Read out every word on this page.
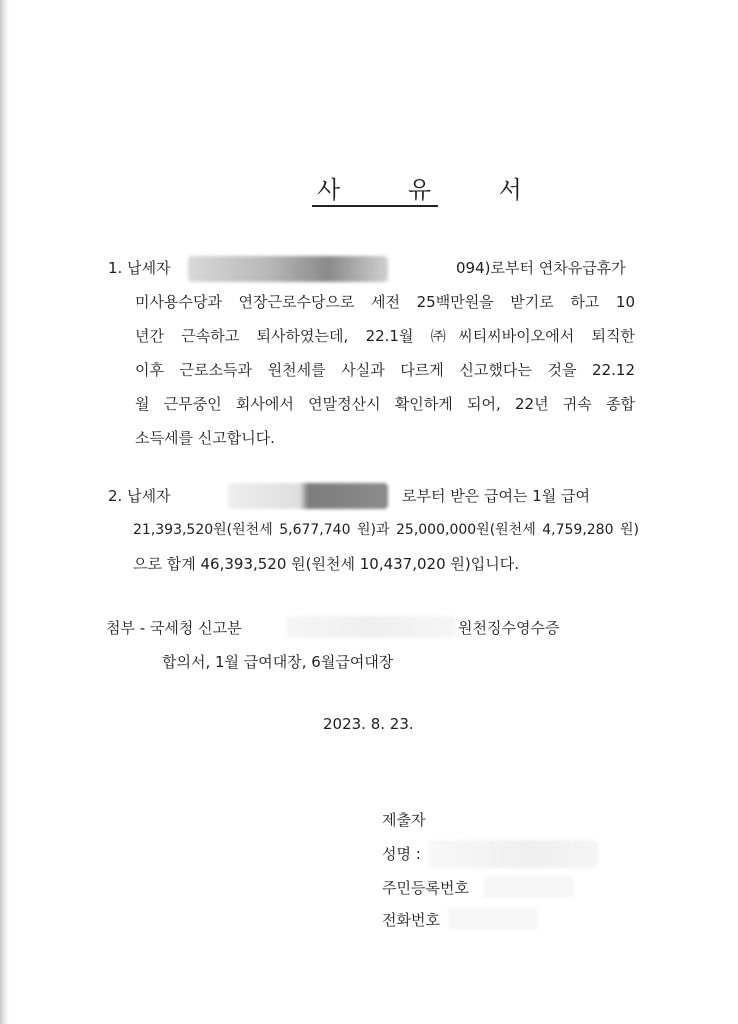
사 유 서
1. 납세자	094)로부터 연차유급휴가
미사용수당과 연장근로수당으로 세전 25백만원을 받기로 하고 10
년간 근속하고 퇴사하였는데, 22.1월 ㈜씨티씨바이오에서 퇴직한
이후 근로소득과 원천세를 사실과 다르게 신고했다는 것을 22.12
월 근무중인 회사에서 연말정산시 확인하게 되어, 22년 귀속 종합
소득세를 신고합니다.
2. 납세자	로부터 받은 급여는 1월 급여
21,393,520원(원천세 5,677,740 원)과 25,000,000원(원천세 4,759,280 원)
으로 합계 46,393,520 원(원천세 10,437,020 원)입니다.
첨부 - 국세청 신고분	원천징수영수증
합의서, 1월 급여대장, 6월급여대장
2023. 8. 23.
제출자
성명 :
주민등록번호
전화번호
